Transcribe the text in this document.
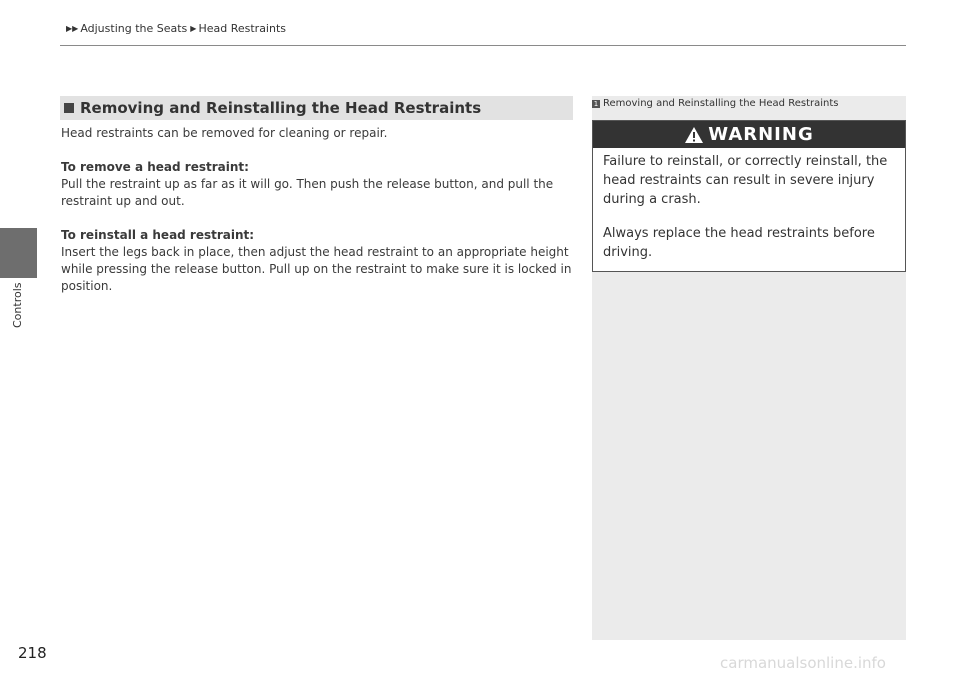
Controls
▶▶ Adjusting the Seats ▶ Head Restraints
Removing and Reinstalling the Head Restraints

Head restraints can be removed for cleaning or repair.

To remove a head restraint:

Pull the restraint up as far as it will go. Then push the release button, and pull the restraint up and out.

To reinstall a head restraint:

Insert the legs back in place, then adjust the head restraint to an appropriate height while pressing the release button. Pull up on the restraint to make sure it is locked in position.

1 Removing and Reinstalling the Head Restraints
WARNING

Failure to reinstall, or correctly reinstall, the head restraints can result in severe injury during a crash.

Always replace the head restraints before driving.

218
carmanualsonline.info
